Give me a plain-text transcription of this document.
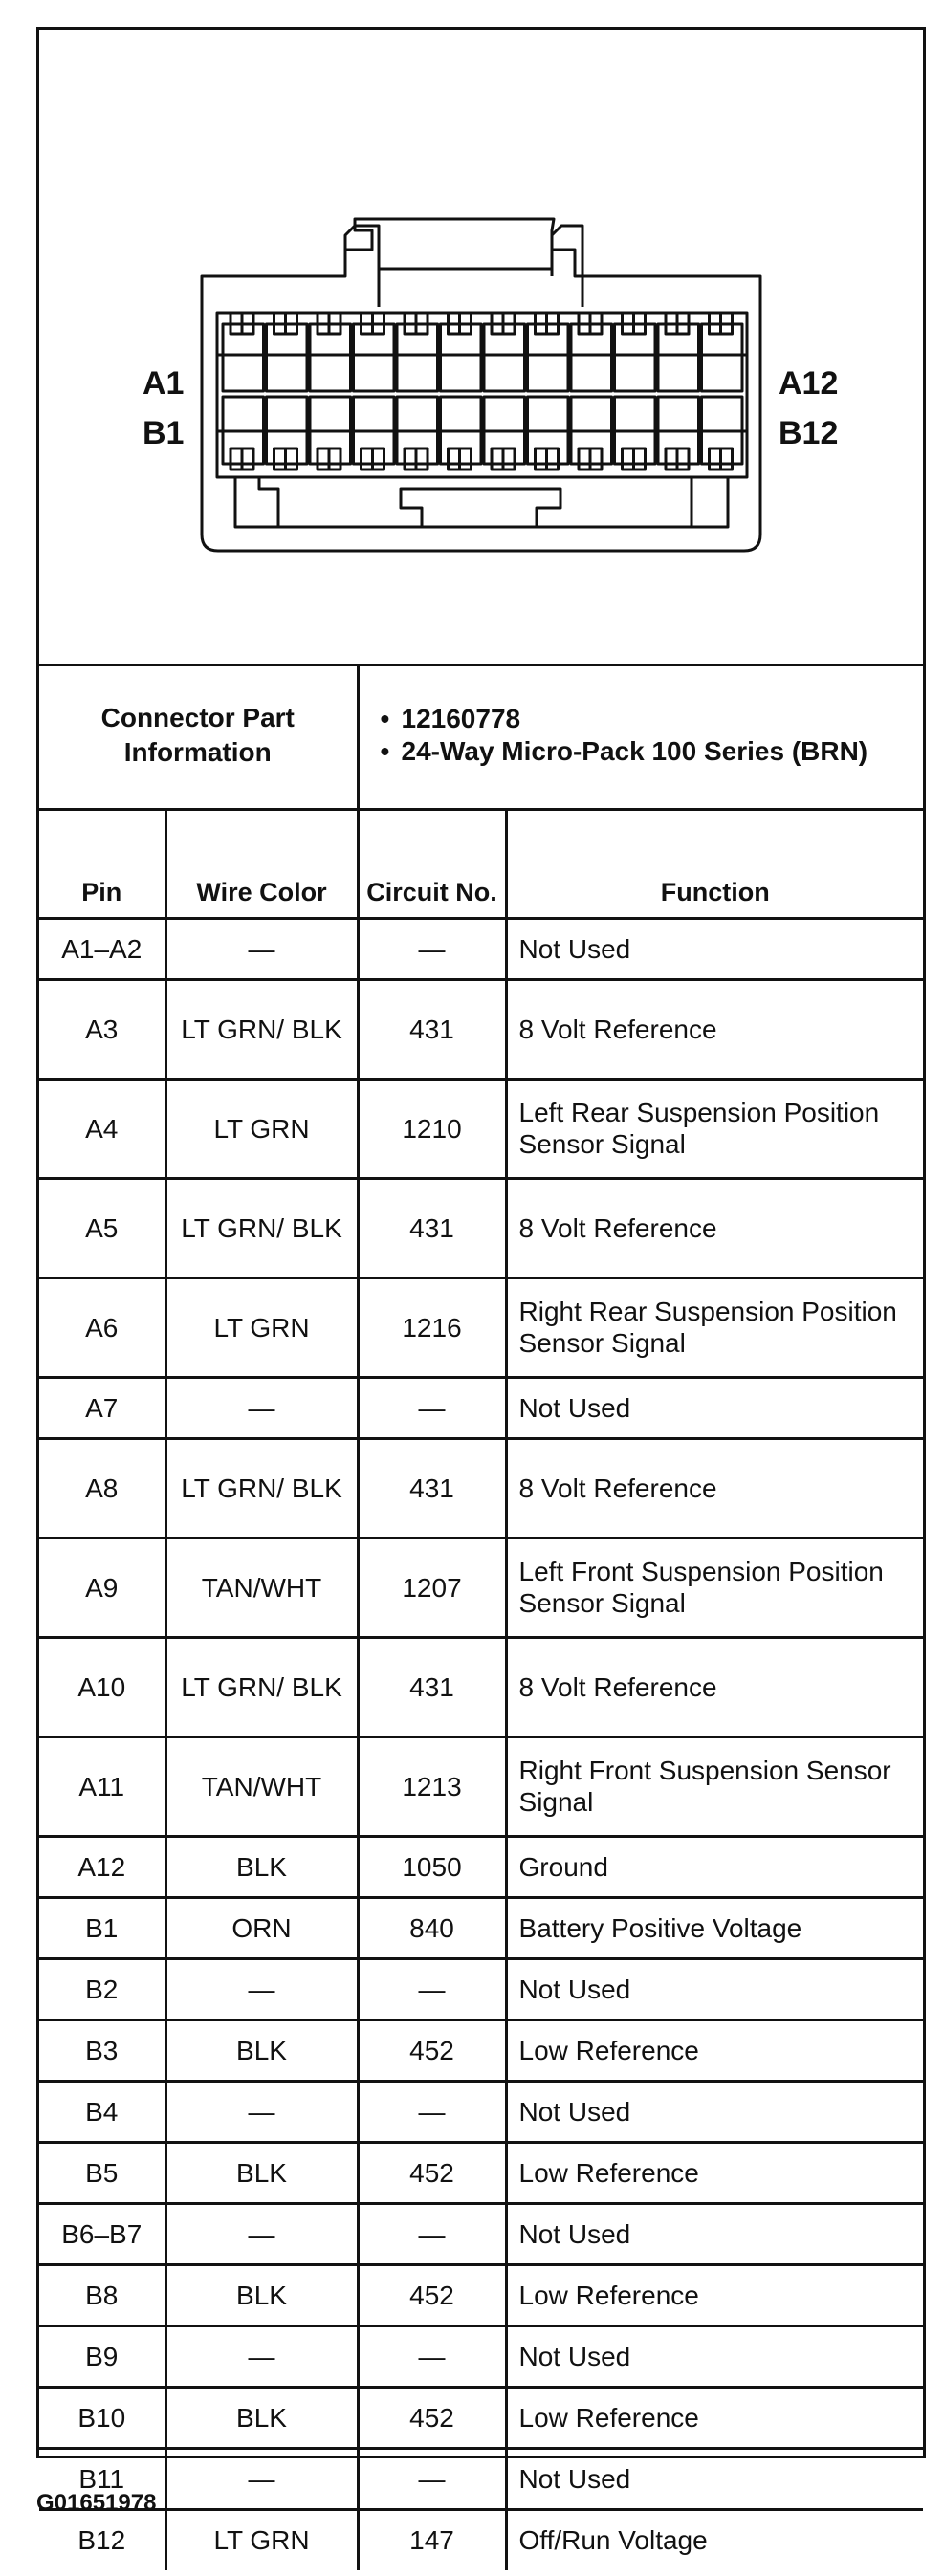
A1
B1
A12
B12
Connector Part Information		• 12160778
• 24-Way Micro-Pack 100 Series (BRN)	

Pin	Wire Color	Circuit No.	Function
A1–A2	—	—	Not Used
A3	LT GRN/ BLK	431	8 Volt Reference
A4	LT GRN	1210	Left Rear Suspension Position Sensor Signal
A5	LT GRN/ BLK	431	8 Volt Reference
A6	LT GRN	1216	Right Rear Suspension Position Sensor Signal
A7	—	—	Not Used
A8	LT GRN/ BLK	431	8 Volt Reference
A9	TAN/WHT	1207	Left Front Suspension Position Sensor Signal
A10	LT GRN/ BLK	431	8 Volt Reference
A11	TAN/WHT	1213	Right Front Suspension Sensor Signal
A12	BLK	1050	Ground
B1	ORN	840	Battery Positive Voltage
B2	—	—	Not Used
B3	BLK	452	Low Reference
B4	—	—	Not Used
B5	BLK	452	Low Reference
B6–B7	—	—	Not Used
B8	BLK	452	Low Reference
B9	—	—	Not Used
B10	BLK	452	Low Reference
B11	—	—	Not Used
B12	LT GRN	147	Off/Run Voltage
G01651978
